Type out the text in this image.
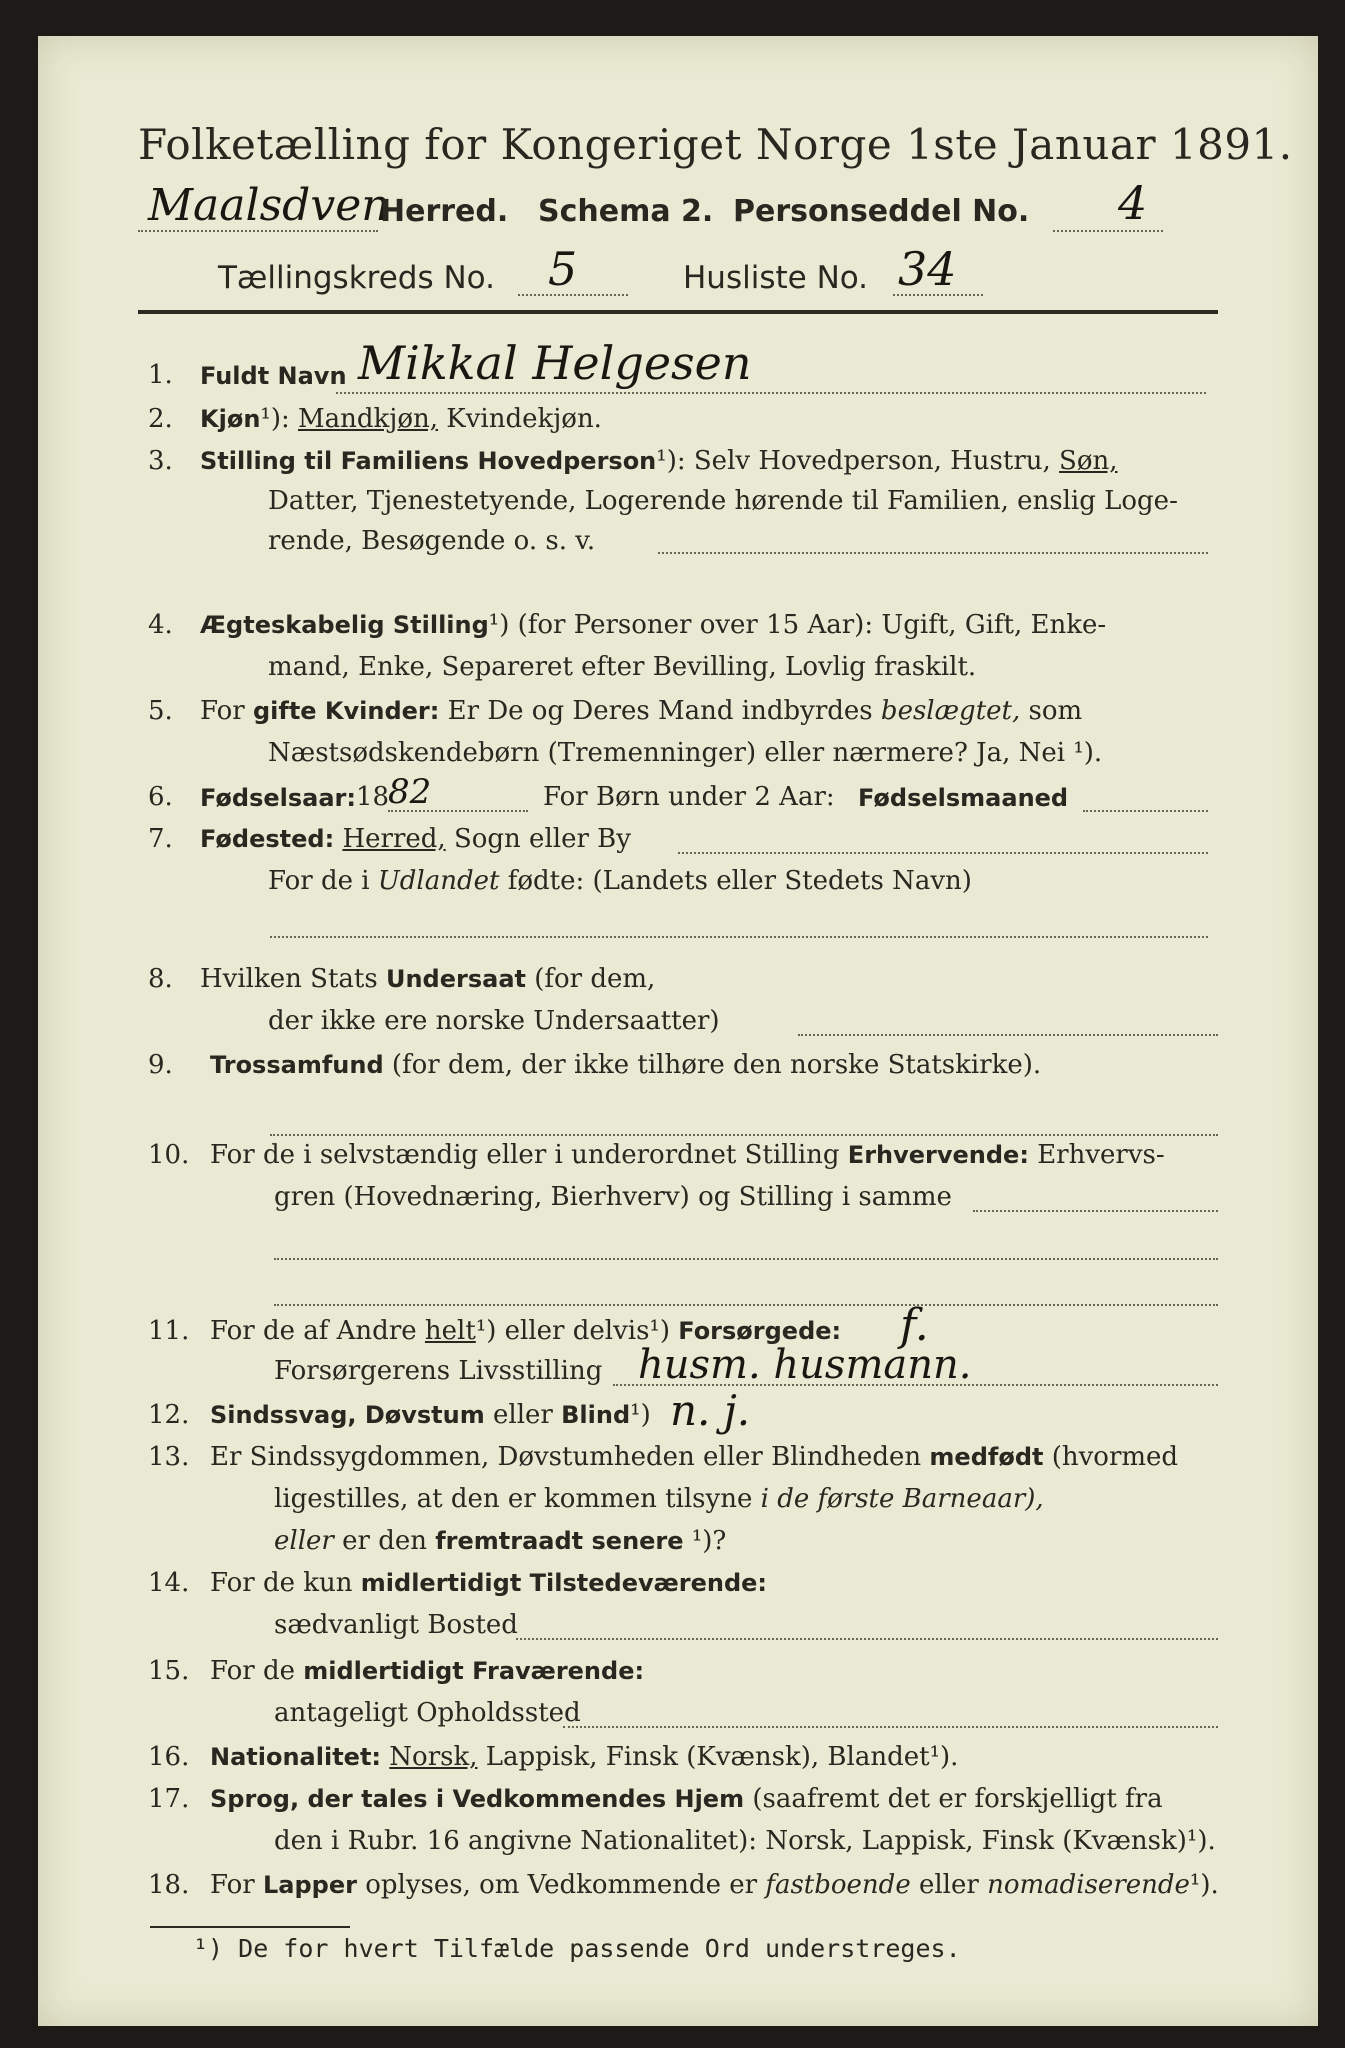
Folketælling for Kongeriget Norge 1ste Januar 1891.
Maalsdven
Herred. Schema 2. Personseddel No. 4
Tællingskreds No. 5	Husliste No. 34
1.	Fuldt Navn Mikkal Helgesen
2.	Kjøn¹): Mandkjøn, Kvindekjøn.
3.	Stilling til Familiens Hovedperson¹): Selv Hovedperson, Hustru, Søn,
Datter, Tjenestetyende, Logerende hørende til Familien, enslig Loge-
rende, Besøgende o. s. v.
4.	Ægteskabelig Stilling¹) (for Personer over 15 Aar): Ugift, Gift, Enke-
mand, Enke, Separeret efter Bevilling, Lovlig fraskilt.
5.	For gifte Kvinder: Er De og Deres Mand indbyrdes beslægtet, som
Næstsødskendebørn (Tremenninger) eller nærmere? Ja, Nei ¹).
6.	Fødselsaar: 18
82	For Børn under 2 Aar: Fødselsmaaned
7.	Fødested: Herred, Sogn eller By
For de i Udlandet fødte: (Landets eller Stedets Navn)
8.	Hvilken Stats Undersaat (for dem,
der ikke ere norske Undersaatter)
9.	Trossamfund (for dem, der ikke tilhøre den norske Statskirke).
10. For de i selvstændig eller i underordnet Stilling Erhvervende: Erhvervs-
gren (Hovednæring, Bierhverv) og Stilling i samme
11. For de af Andre helt¹) eller delvis¹) Forsørgede: f.
Forsørgerens Livsstilling husm. husmann.
12. Sindssvag, Døvstum eller Blind¹) n. j.
13. Er Sindssygdommen, Døvstumheden eller Blindheden medfødt (hvormed
ligestilles, at den er kommen tilsyne i de første Barneaar),
eller er den fremtraadt senere ¹)?
14. For de kun midlertidigt Tilstedeværende:
sædvanligt Bosted
15. For de midlertidigt Fraværende:
antageligt Opholdssted
16. Nationalitet: Norsk, Lappisk, Finsk (Kvænsk), Blandet¹).
17. Sprog, der tales i Vedkommendes Hjem (saafremt det er forskjelligt fra
den i Rubr. 16 angivne Nationalitet): Norsk, Lappisk, Finsk (Kvænsk)¹).
18. For Lapper oplyses, om Vedkommende er fastboende eller nomadiserende¹).
¹) De for hvert Tilfælde passende Ord understreges.
